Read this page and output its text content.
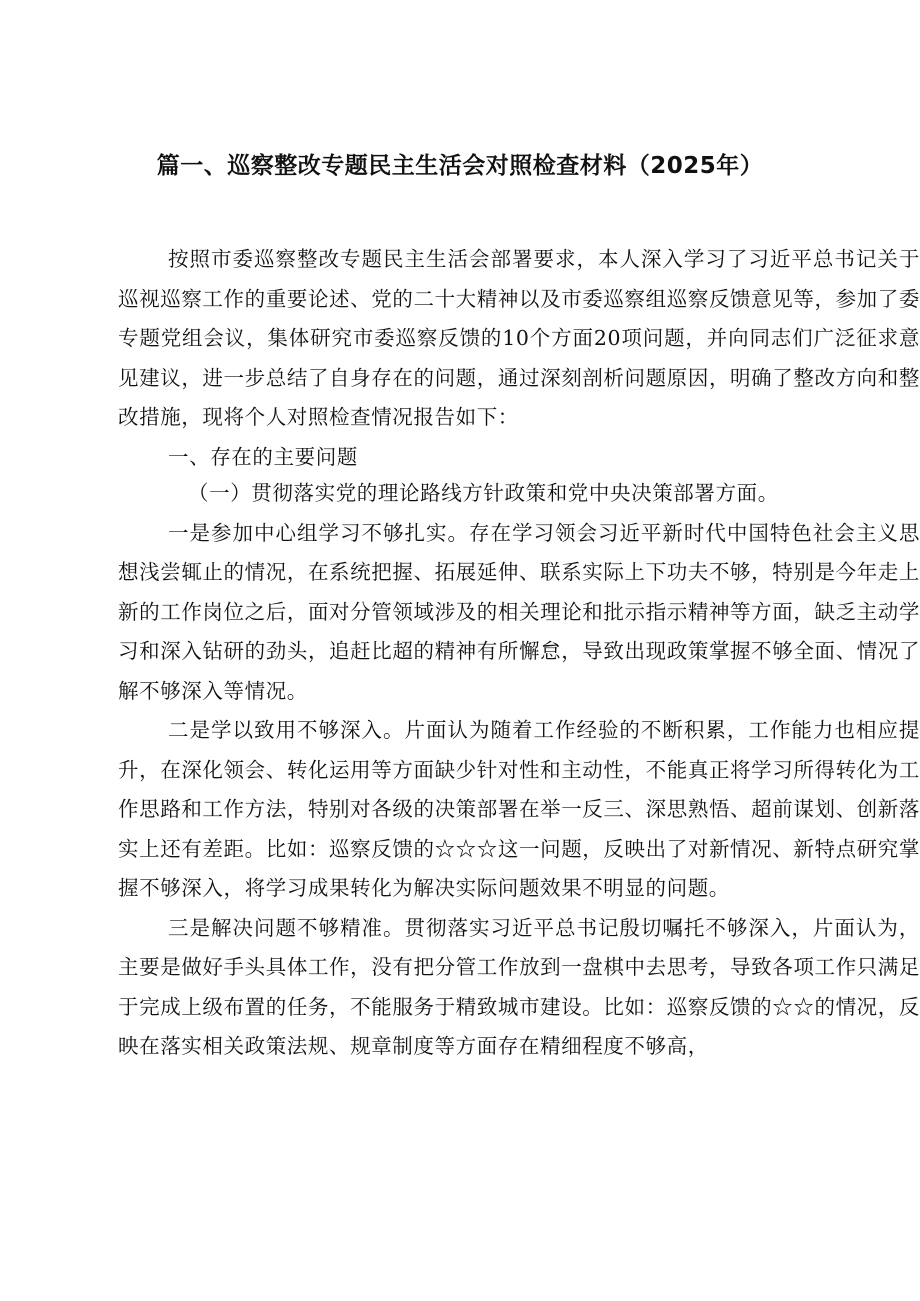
篇一、巡察整改专题民主生活会对照检查材料（2025年）

按照市委巡察整改专题民主生活会部署要求，本人深入学习了习近平总书记关于巡视巡察工作的重要论述、党的二十大精神以及市委巡察组巡察反馈意见等，参加了委专题党组会议，集体研究市委巡察反馈的10个方面20项问题，并向同志们广泛征求意见建议，进一步总结了自身存在的问题，通过深刻剖析问题原因，明确了整改方向和整改措施，现将个人对照检查情况报告如下：

一、存在的主要问题

（一）贯彻落实党的理论路线方针政策和党中央决策部署方面。

一是参加中心组学习不够扎实。存在学习领会习近平新时代中国特色社会主义思想浅尝辄止的情况，在系统把握、拓展延伸、联系实际上下功夫不够，特别是今年走上新的工作岗位之后，面对分管领域涉及的相关理论和批示指示精神等方面，缺乏主动学习和深入钻研的劲头，追赶比超的精神有所懈怠，导致出现政策掌握不够全面、情况了解不够深入等情况。

二是学以致用不够深入。片面认为随着工作经验的不断积累，工作能力也相应提升，在深化领会、转化运用等方面缺少针对性和主动性，不能真正将学习所得转化为工作思路和工作方法，特别对各级的决策部署在举一反三、深思熟悟、超前谋划、创新落实上还有差距。比如：巡察反馈的☆☆☆这一问题，反映出了对新情况、新特点研究掌握不够深入，将学习成果转化为解决实际问题效果不明显的问题。

三是解决问题不够精准。贯彻落实习近平总书记殷切嘱托不够深入，片面认为，主要是做好手头具体工作，没有把分管工作放到一盘棋中去思考，导致各项工作只满足于完成上级布置的任务，不能服务于精致城市建设。比如：巡察反馈的☆☆的情况，反映在落实相关政策法规、规章制度等方面存在精细程度不够高，
